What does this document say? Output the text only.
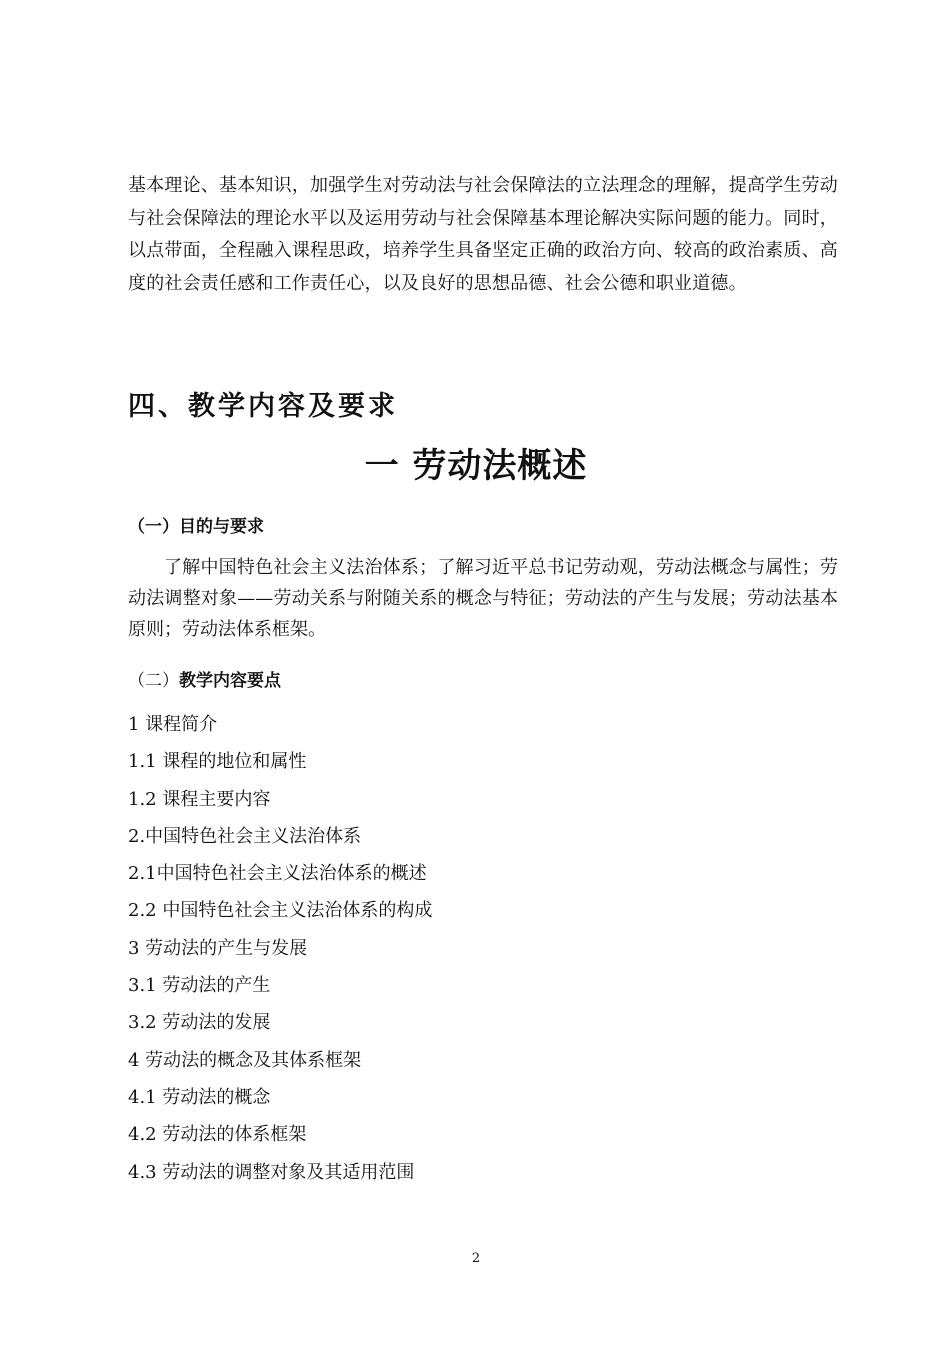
基本理论、基本知识，加强学生对劳动法与社会保障法的立法理念的理解，提高学生劳动与社会保障法的理论水平以及运用劳动与社会保障基本理论解决实际问题的能力。同时，以点带面，全程融入课程思政，培养学生具备坚定正确的政治方向、较高的政治素质、高度的社会责任感和工作责任心，以及良好的思想品德、社会公德和职业道德。

四、教学内容及要求
一 劳动法概述
（一）目的与要求

了解中国特色社会主义法治体系；了解习近平总书记劳动观，劳动法概念与属性；劳动法调整对象——劳动关系与附随关系的概念与特征；劳动法的产生与发展；劳动法基本原则；劳动法体系框架。

（二）教学内容要点
1 课程简介
1.1 课程的地位和属性
1.2 课程主要内容
2.中国特色社会主义法治体系
2.1中国特色社会主义法治体系的概述
2.2 中国特色社会主义法治体系的构成
3 劳动法的产生与发展
3.1 劳动法的产生
3.2 劳动法的发展
4 劳动法的概念及其体系框架
4.1 劳动法的概念
4.2 劳动法的体系框架
4.3 劳动法的调整对象及其适用范围
2
